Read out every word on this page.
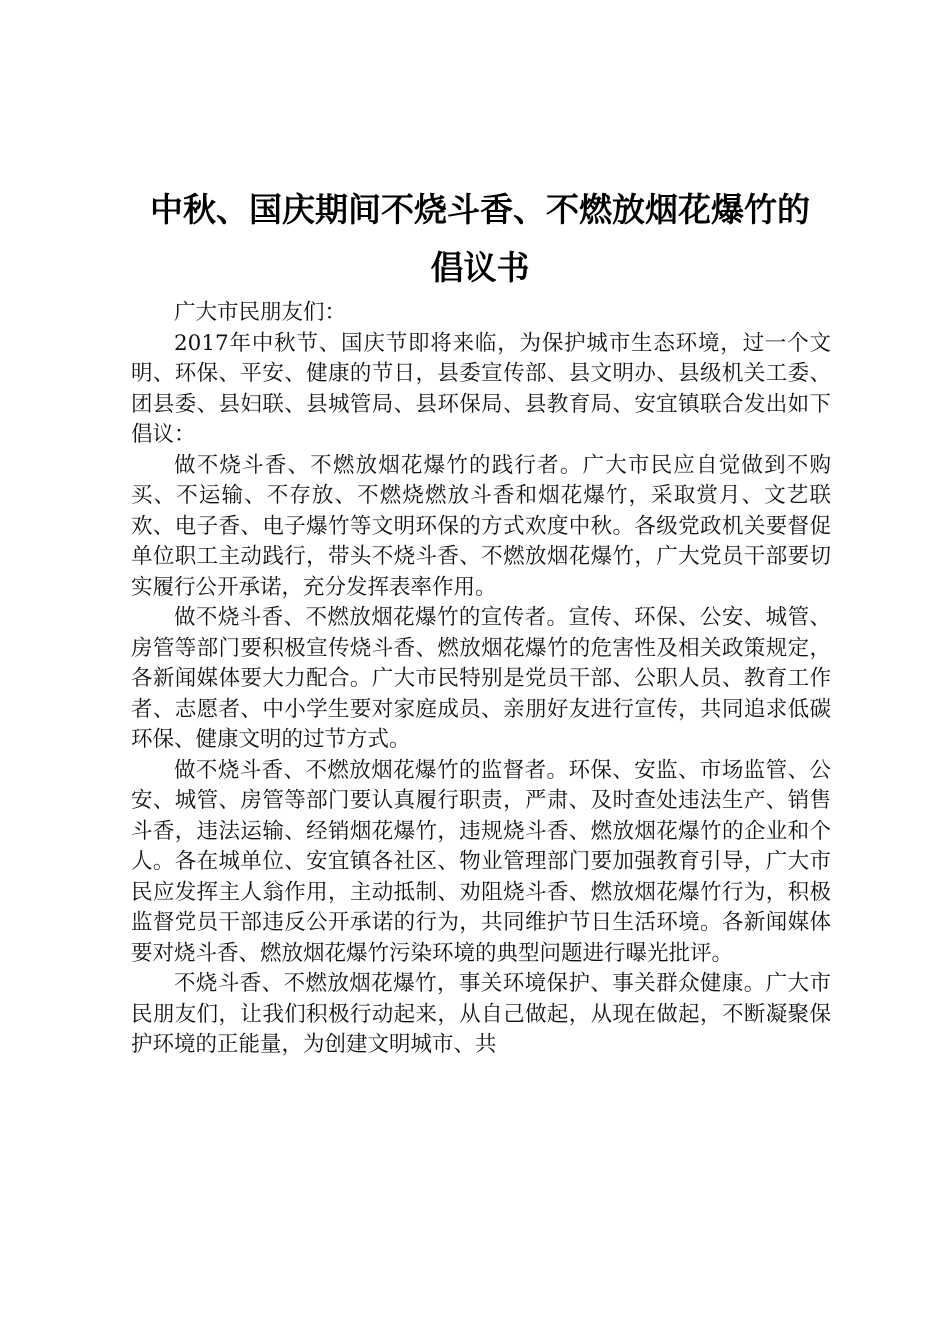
中秋、国庆期间不烧斗香、不燃放烟花爆竹的
倡议书

广大市民朋友们：

2017年中秋节、国庆节即将来临，为保护城市生态环境，过一个文明、环保、平安、健康的节日，县委宣传部、县文明办、县级机关工委、团县委、县妇联、县城管局、县环保局、县教育局、安宜镇联合发出如下倡议：

做不烧斗香、不燃放烟花爆竹的践行者。广大市民应自觉做到不购买、不运输、不存放、不燃烧燃放斗香和烟花爆竹，采取赏月、文艺联欢、电子香、电子爆竹等文明环保的方式欢度中秋。各级党政机关要督促单位职工主动践行，带头不烧斗香、不燃放烟花爆竹，广大党员干部要切实履行公开承诺，充分发挥表率作用。

做不烧斗香、不燃放烟花爆竹的宣传者。宣传、环保、公安、城管、房管等部门要积极宣传烧斗香、燃放烟花爆竹的危害性及相关政策规定，各新闻媒体要大力配合。广大市民特别是党员干部、公职人员、教育工作者、志愿者、中小学生要对家庭成员、亲朋好友进行宣传，共同追求低碳环保、健康文明的过节方式。

做不烧斗香、不燃放烟花爆竹的监督者。环保、安监、市场监管、公安、城管、房管等部门要认真履行职责，严肃、及时查处违法生产、销售斗香，违法运输、经销烟花爆竹，违规烧斗香、燃放烟花爆竹的企业和个人。各在城单位、安宜镇各社区、物业管理部门要加强教育引导，广大市民应发挥主人翁作用，主动抵制、劝阻烧斗香、燃放烟花爆竹行为，积极监督党员干部违反公开承诺的行为，共同维护节日生活环境。各新闻媒体要对烧斗香、燃放烟花爆竹污染环境的典型问题进行曝光批评。

不烧斗香、不燃放烟花爆竹，事关环境保护、事关群众健康。广大市民朋友们，让我们积极行动起来，从自己做起，从现在做起，不断凝聚保护环境的正能量，为创建文明城市、共
